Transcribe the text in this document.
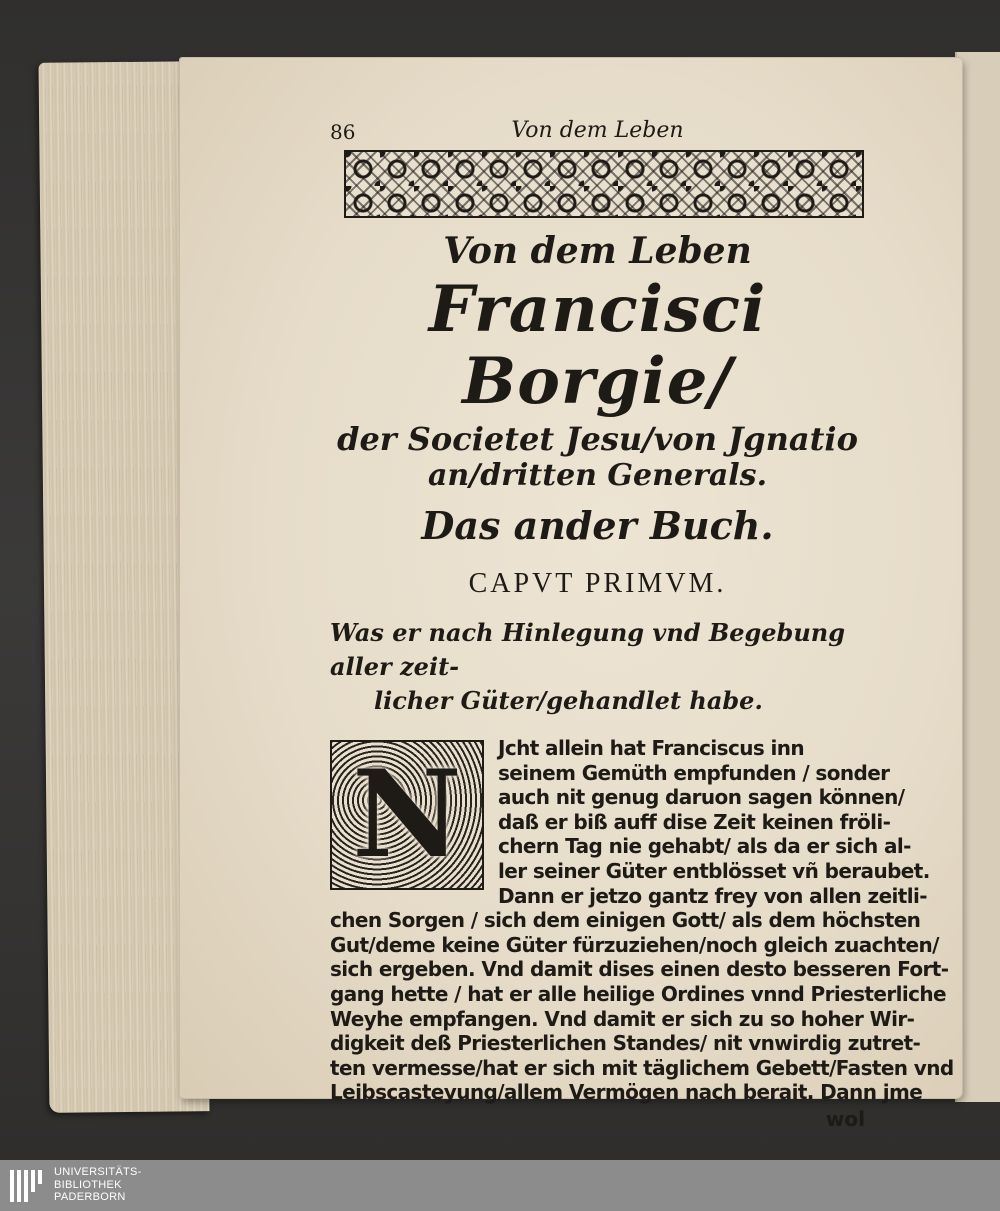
86	Von dem Leben
Von dem Leben
Francisci Borgie/
der Societet Jesu/von Jgnatio
an/dritten Generals.
Das ander Buch.
CAPVT PRIMVM.
Was er nach Hinlegung vnd Begebung aller zeit-
licher Güter/gehandlet habe.
N	Jcht allein hat Franciscus inn
seinem Gemüth empfunden / sonder
auch nit genug daruon sagen können/
daß er biß auff dise Zeit keinen fröli-
chern Tag nie gehabt/ als da er sich al-
ler seiner Güter entblösset vñ beraubet.
Dann er jetzo gantz frey von allen zeitli-
chen Sorgen / sich dem einigen Gott/ als dem höchsten
Gut/deme keine Güter fürzuziehen/noch gleich zuachten/
sich ergeben. Vnd damit dises einen desto besseren Fort-
gang hette / hat er alle heilige Ordines vnnd Priesterliche
Weyhe empfangen. Vnd damit er sich zu so hoher Wir-
digkeit deß Priesterlichen Standes/ nit vnwirdig zutret-
ten vermesse/hat er sich mit täglichem Gebett/Fasten vnd
Leibscasteyung/allem Vermögen nach berait. Dann jme
wol
UNIVERSITÄTS-
BIBLIOTHEK
PADERBORN
